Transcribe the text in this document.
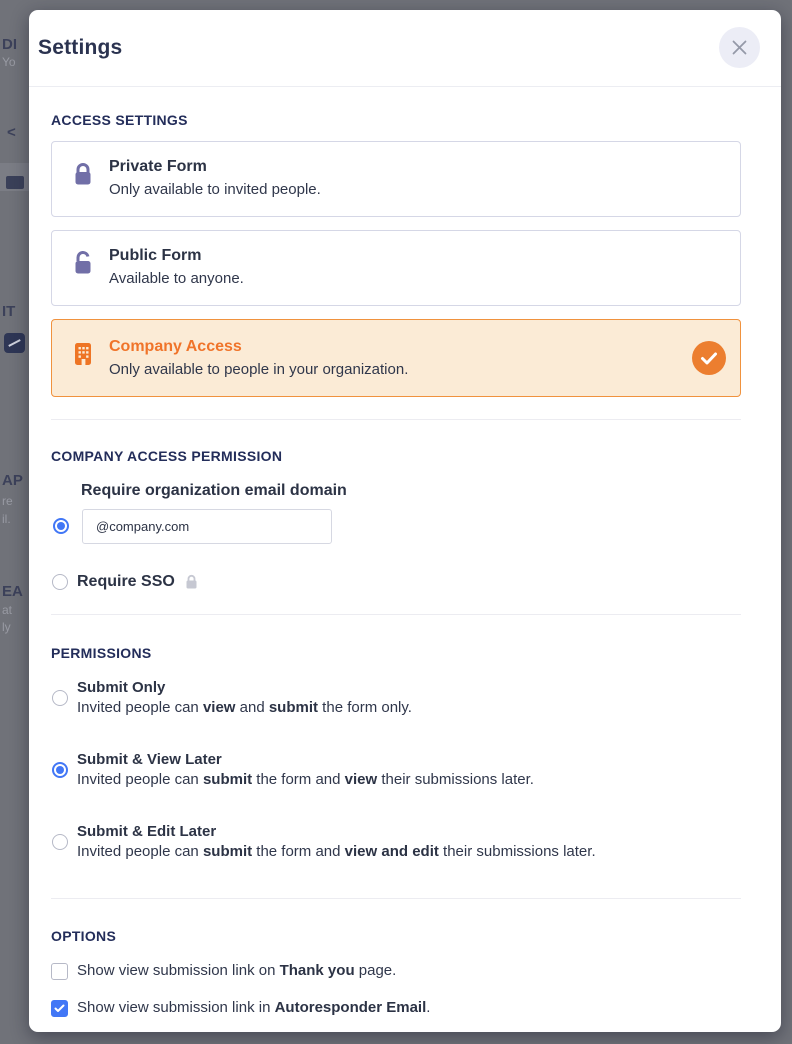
DI
Yo
<
IT
AP
re
il.
EA
at
ly
Settings
ACCESS SETTINGS
Private Form
Only available to invited people.
Public Form
Available to anyone.
Company Access
Only available to people in your organization.
COMPANY ACCESS PERMISSION
Require organization email domain
@company.com
Require SSO
PERMISSIONS
Submit Only
Invited people can view and submit the form only.
Submit & View Later
Invited people can submit the form and view their submissions later.
Submit & Edit Later
Invited people can submit the form and view and edit their submissions later.
OPTIONS
Show view submission link on Thank you page.
Show view submission link in Autoresponder Email.
